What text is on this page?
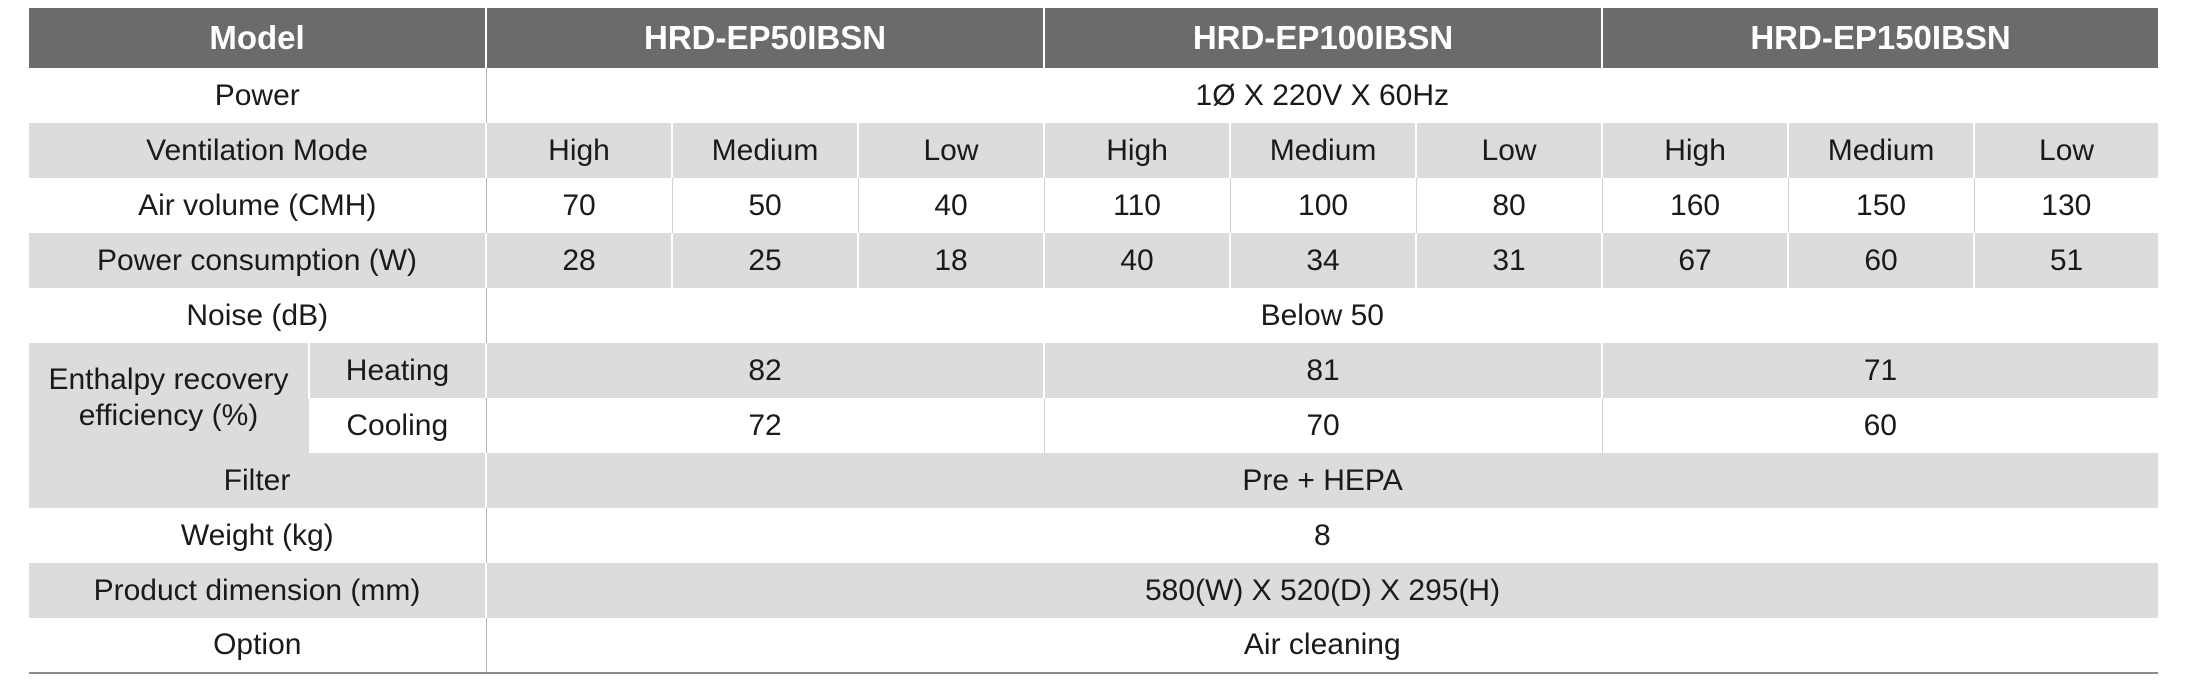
Model		HRD-EP50IBSN			HRD-EP100IBSN			HRD-EP150IBSN		
Power		1Ø X 220V X 60Hz								
Ventilation Mode		High	Medium	Low	High	Medium	Low	High	Medium	Low
Air volume (CMH)		70	50	40	110	100	80	160	150	130
Power consumption (W)		28	25	18	40	34	31	67	60	51
Noise (dB)		Below 50								
Enthalpy recovery efficiency (%)	Heating	82			81			71		
	Cooling	72			70			60		
Filter		Pre + HEPA								
Weight (kg)		8								
Product dimension (mm)		580(W) X 520(D) X 295(H)								
Option		Air cleaning								
